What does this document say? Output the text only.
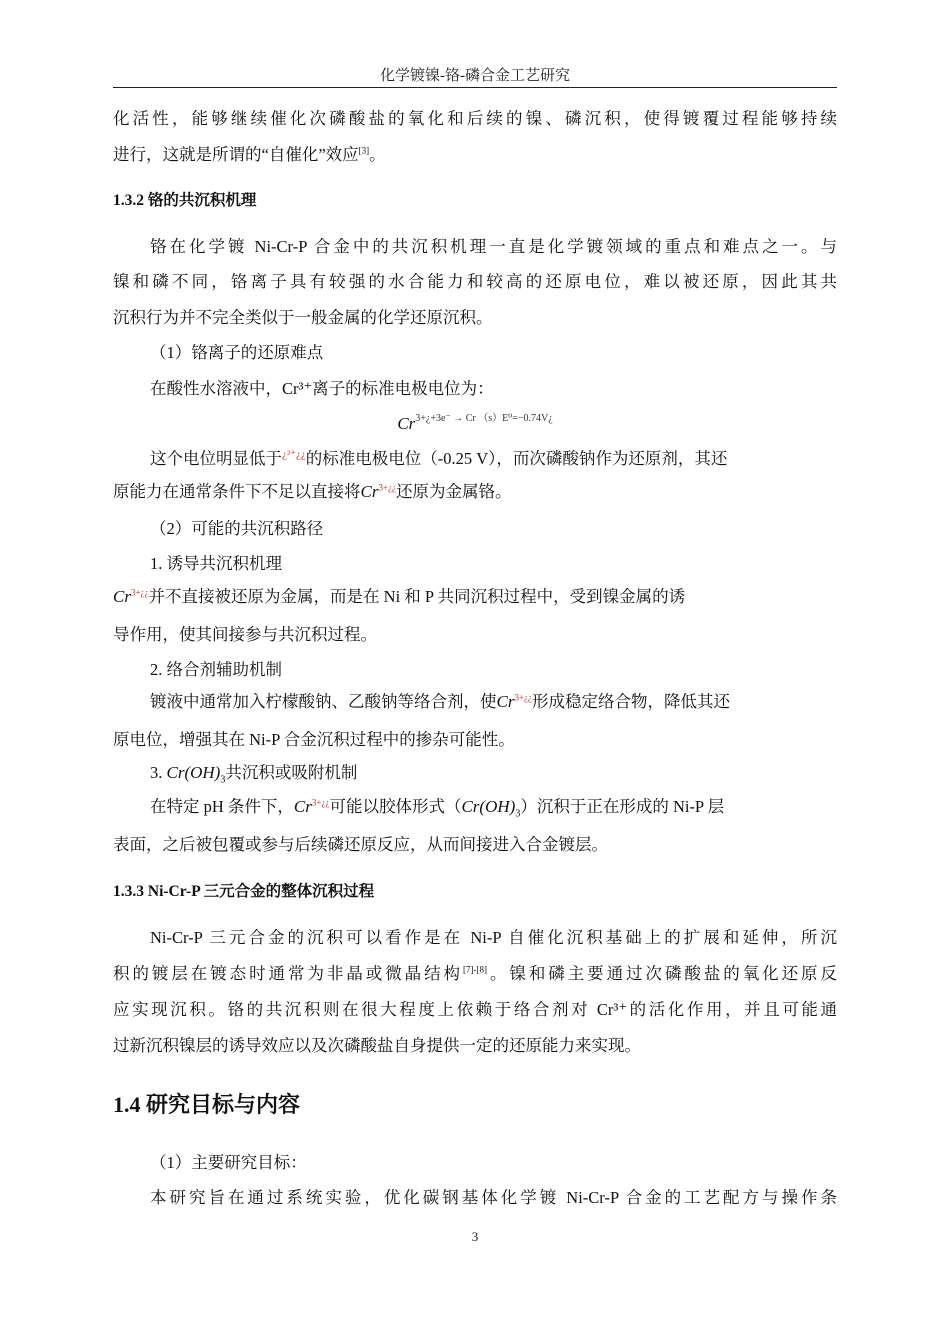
化学镀镍-铬-磷合金工艺研究
化活性，能够继续催化次磷酸盐的氧化和后续的镍、磷沉积，使得镀覆过程能够持续
进行，这就是所谓的“自催化”效应[3]。
1.3.2 铬的共沉积机理
铬在化学镀 Ni-Cr-P 合金中的共沉积机理一直是化学镀领域的重点和难点之一。与
镍和磷不同，铬离子具有较强的水合能力和较高的还原电位，难以被还原，因此其共
沉积行为并不完全类似于一般金属的化学还原沉积。
（1）铬离子的还原难点
在酸性水溶液中，Cr³⁺离子的标准电极电位为：
Cr3+¿+3e⁻ → Cr （s）E⁰=−0.74V¿
这个电位明显低于$^{¿^{2+}¿¿}$的标准电极电位（-0.25 V），而次磷酸钠作为还原剂，其还
原能力在通常条件下不足以直接将$Cr^{3+¿¿}$还原为金属铬。
（2）可能的共沉积路径
1. 诱导共沉积机理
$Cr^{3+¿¿}$并不直接被还原为金属，而是在 Ni 和 P 共同沉积过程中，受到镍金属的诱
导作用，使其间接参与共沉积过程。
2. 络合剂辅助机制
镀液中通常加入柠檬酸钠、乙酸钠等络合剂，使$Cr^{3+¿¿}$形成稳定络合物，降低其还
原电位，增强其在 Ni-P 合金沉积过程中的掺杂可能性。
3. $Cr(OH)_3$共沉积或吸附机制
在特定 pH 条件下，$Cr^{3+¿¿}$可能以胶体形式$(Cr(OH)_3)$沉积于正在形成的 Ni-P 层
表面，之后被包覆或参与后续磷还原反应，从而间接进入合金镀层。
1.3.3 Ni-Cr-P 三元合金的整体沉积过程
Ni-Cr-P 三元合金的沉积可以看作是在 Ni-P 自催化沉积基础上的扩展和延伸，所沉
积的镀层在镀态时通常为非晶或微晶结构[7]-[8]。镍和磷主要通过次磷酸盐的氧化还原反
应实现沉积。铬的共沉积则在很大程度上依赖于络合剂对 Cr³⁺的活化作用，并且可能通
过新沉积镍层的诱导效应以及次磷酸盐自身提供一定的还原能力来实现。
1.4 研究目标与内容
（1）主要研究目标：
本研究旨在通过系统实验，优化碳钢基体化学镀 Ni-Cr-P 合金的工艺配方与操作条
3
